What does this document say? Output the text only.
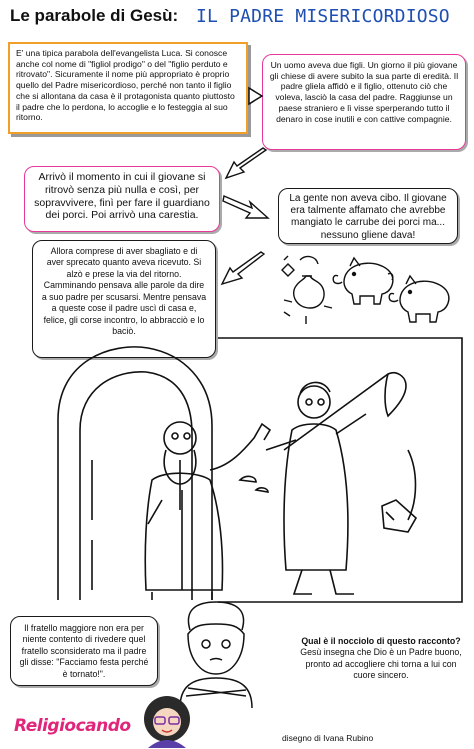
Le parabole di Gesù: IL PADRE MISERICORDIOSO
E' una tipica parabola dell'evangelista Luca. Si conosce anche col nome di "figliol prodigo" o del "figlio perduto e ritrovato". Sicuramente il nome più appropriato è proprio quello del Padre misericordioso, perché non tanto il figlio che si allontana da casa è il protagonista quanto piuttosto il padre che lo perdona, lo accoglie e lo festeggia al suo ritorno.
Un uomo aveva due figli. Un giorno il più giovane gli chiese di avere subito la sua parte di eredità. Il padre gliela affidò e il figlio, ottenuto ciò che voleva, lasciò la casa del padre. Raggiunse un paese straniero e lì visse sperperando tutto il denaro in cose inutili e con cattive compagnie.
Arrivò il momento in cui il giovane si ritrovò senza più nulla e così, per sopravvivere, finì per fare il guardiano dei porci. Poi arrivò una carestia.
La gente non aveva cibo. Il giovane era talmente affamato che avrebbe mangiato le carrube dei porci ma... nessuno gliene dava!
Allora comprese di aver sbagliato e di aver sprecato quanto aveva ricevuto. Si alzò e prese la via del ritorno. Camminando pensava alle parole da dire a suo padre per scusarsi. Mentre pensava a queste cose il padre uscì di casa e, felice, gli corse incontro, lo abbracciò e lo baciò.
Il fratello maggiore non era per niente contento di rivedere quel fratello sconsiderato ma il padre gli disse: "Facciamo festa perché è tornato!".
Qual è il nocciolo di questo racconto?
Gesù insegna che Dio è un Padre buono, pronto ad accogliere chi torna a lui con cuore sincero.
Religiocando
disegno di Ivana Rubino
